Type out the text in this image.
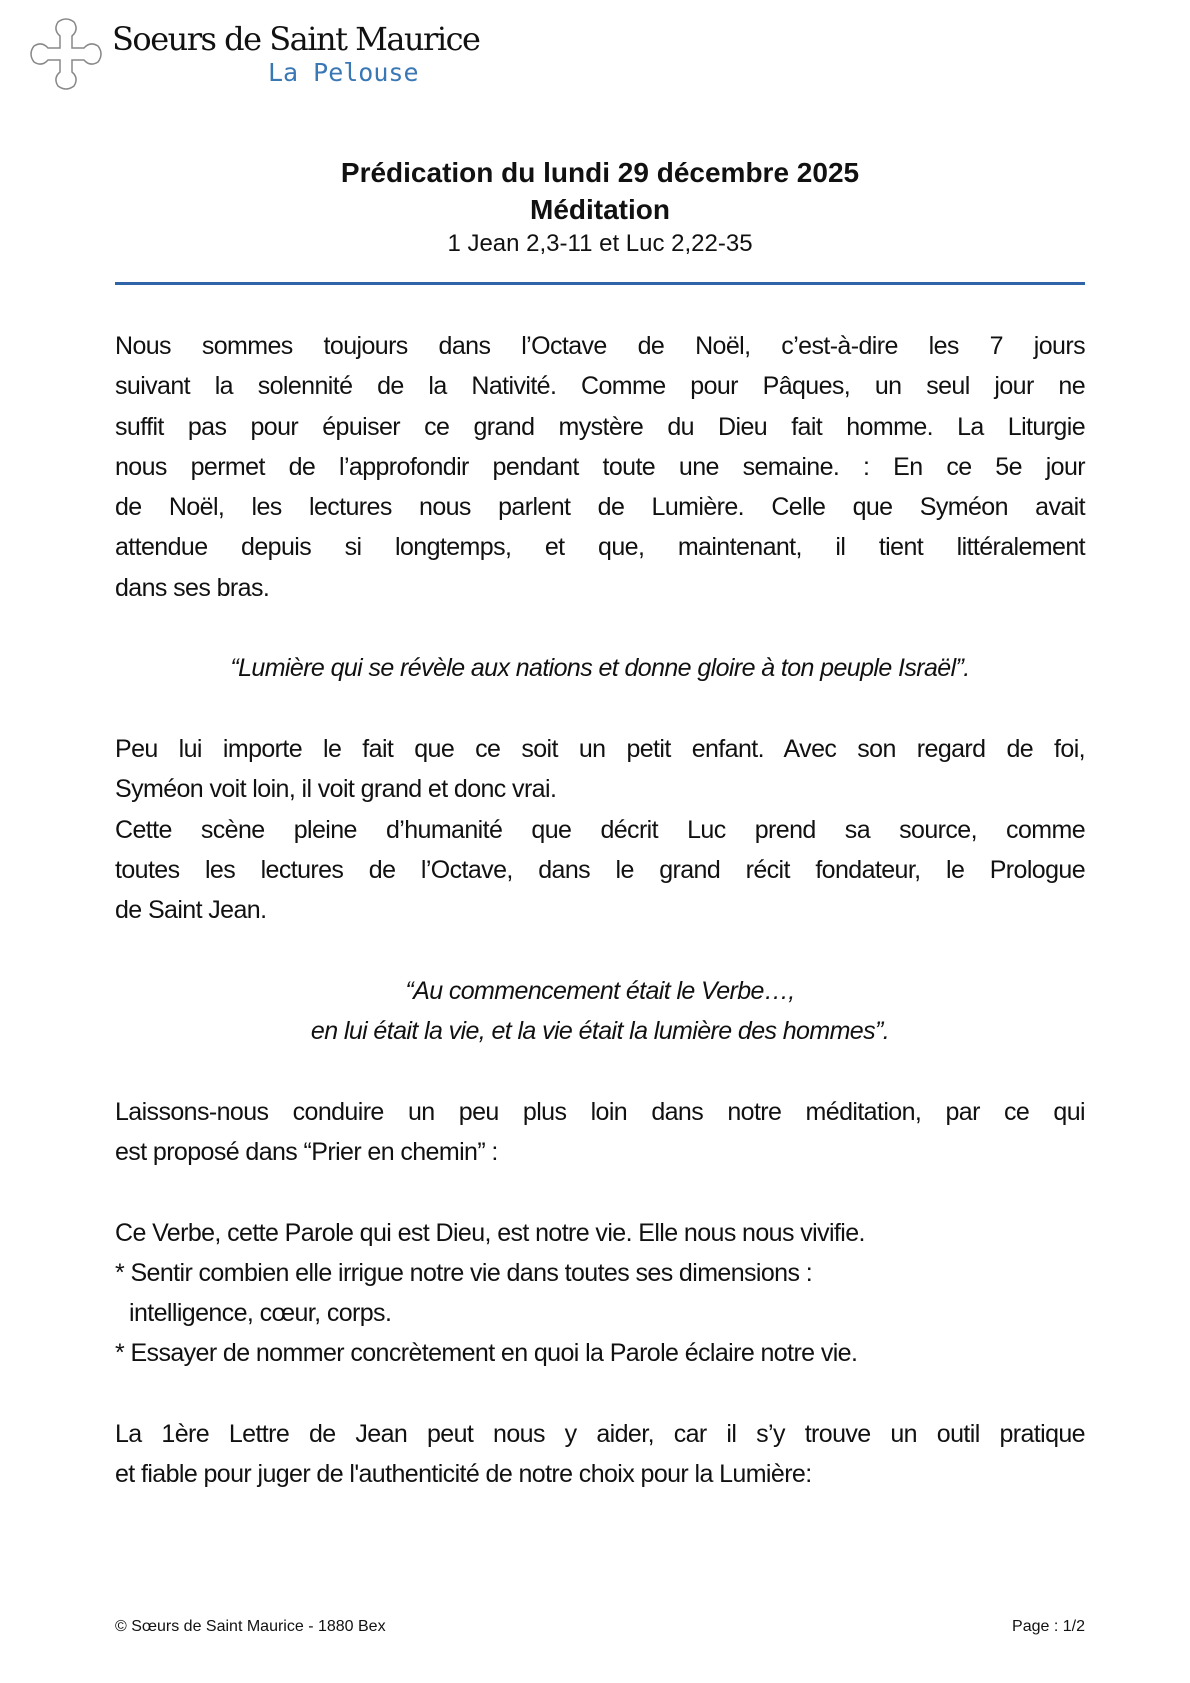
Soeurs de Saint Maurice
La Pelouse
Prédication du lundi 29 décembre 2025
Méditation
1 Jean 2,3-11 et Luc 2,22-35
Nous sommes toujours dans l’Octave de Noël, c’est-à-dire les 7 jours
suivant la solennité de la Nativité. Comme pour Pâques, un seul jour ne
suffit pas pour épuiser ce grand mystère du Dieu fait homme. La Liturgie
nous permet de l’approfondir pendant toute une semaine. : En ce 5e jour
de Noël, les lectures nous parlent de Lumière. Celle que Syméon avait
attendue depuis si longtemps, et que, maintenant, il tient littéralement
dans ses bras.
“Lumière qui se révèle aux nations et donne gloire à ton peuple Israël”.
Peu lui importe le fait que ce soit un petit enfant. Avec son regard de foi,
Syméon voit loin, il voit grand et donc vrai.
Cette scène pleine d’humanité que décrit Luc prend sa source, comme
toutes les lectures de l’Octave, dans le grand récit fondateur, le Prologue
de Saint Jean.
“Au commencement était le Verbe…,
en lui était la vie, et la vie était la lumière des hommes”.
Laissons-nous conduire un peu plus loin dans notre méditation, par ce qui
est proposé dans “Prier en chemin” :
Ce Verbe, cette Parole qui est Dieu, est notre vie. Elle nous nous vivifie.
* Sentir combien elle irrigue notre vie dans toutes ses dimensions :
intelligence, cœur, corps.
* Essayer de nommer concrètement en quoi la Parole éclaire notre vie.
La 1ère Lettre de Jean peut nous y aider, car il s’y trouve un outil pratique
et fiable pour juger de l'authenticité de notre choix pour la Lumière:
© Sœurs de Saint Maurice - 1880 Bex	Page : 1/2
